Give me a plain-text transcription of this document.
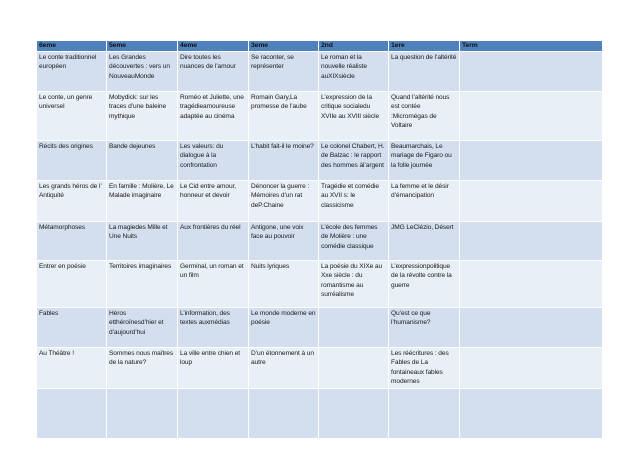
6eme	5eme	4eme	3eme	2nd	1ere	Term
Le conte traditionnel européen	Les Grandes découvertes : vers un NouveauMonde	Dire toutes les nuances de l’amour	Se raconter, se représenter	Le roman et la nouvelle réaliste auXIXsiècle	La question de l’altérité	
Le conte, un genre universel	Mobydick: sur les traces d’une baleine mythique	Roméo et Juliette, une tragédieamoureuse adaptée au cinéma	Romain Gary,La promesse de l’aube	L’expression de la critique socialedu XVIIe au XVIII siècle	Quand l’altérité nous est contée :Micromégas de Voltaire	
Récits des origines	Bande dejeunes	Les valeurs: du dialogue à la confrontation	L’habit fait-il le moine?	Le colonel Chabert, H. de Balzac : le rapport des hommes àl’argent	Beaumarchais, Le mariage de Figaro ou la folle journée	
Les grands héros de l’ Antiquité	En famille : Molière, Le Malade imaginaire	Le Cid entre amour, honneur et devoir	Dénoncer la guerre : Mémoires d’un rat deP.Chaine	Tragédie et comédie au XVII s: le classicisme	La femme et le désir d’émancipation	
Métamorphoses	La magiedes Mille et Une Nuits	Aux frontières du réel	Antigone, une voix face au pouvoir	L’école des femmes de Molière : une comédie classique	JMG LeClézio, Désert	
Entrer en poésie	Territoires imaginaires	Germinal, un roman et un film	Nuits lyriques	La poésie du XIXe au Xxe siècle : du romantisme au surréalisme	L’expressionpolitique de la révolte contre la guerre	
Fables	Héros etthéroïnesd’hier et d’aujourd’hui	L’information, des textes auxmédias	Le monde moderne en poésie		Qu’est ce que l’humanisme?	
Au Théâtre !	Sommes nous maîtres de la nature?	La ville entre chien et loup	D’un étonnement à un autre		Les réécritures : des Fables de La fontaineaux fables modernes	
